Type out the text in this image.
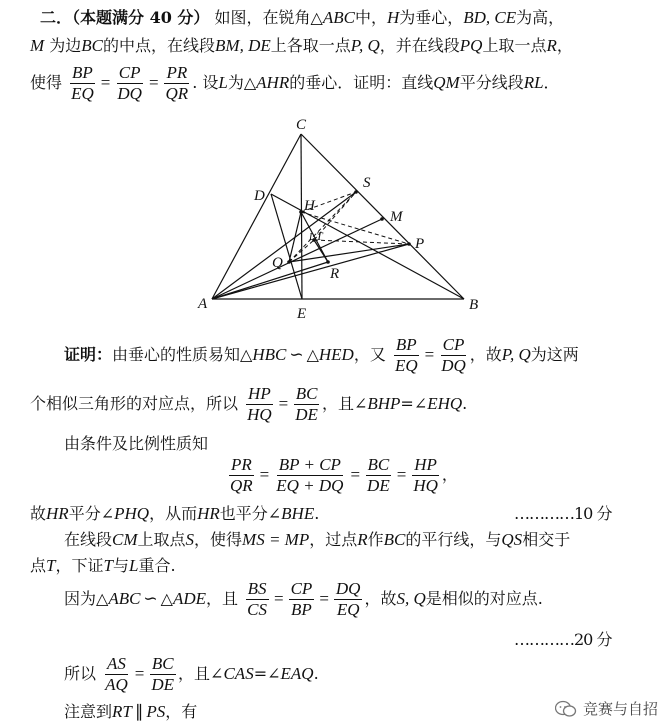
二．（本题满分 40 分） 如图，在锐角△ABC中，H为垂心，BD, CE为高，
M 为边BC的中点，在线段BM, DE上各取一点P, Q，并在线段PQ上取一点R，
使得 $\frac{BP}{EQ} = \frac{CP}{DQ} = \frac{PR}{QR}$ . 设L为△AHR的垂心．证明：直线QM平分线段RL．
C
S
D
H
M
T
L	P
Q
R
A
E
B
证明：由垂心的性质易知△HBC ∽ △HED，又 $\frac{BP}{EQ} = \frac{CP}{DQ}$ ，故P, Q为这两
个相似三角形的对应点，所以 $\frac{HP}{HQ} = \frac{BC}{DE}$ ，且∠BHP=∠EHQ.
由条件及比例性质知
$\frac{PR}{QR} = \frac{BP + CP}{EQ + DQ} = \frac{BC}{DE} = \frac{HP}{HQ}$ ，
故HR平分∠PHQ，从而HR也平分∠BHE.	…………10 分
在线段CM上取点S，使得MS = MP，过点R作BC的平行线，与QS相交于
点T，下证T与L重合.
因为△ABC ∽ △ADE，且 $\frac{BS}{CS} = \frac{CP}{BP} = \frac{DQ}{EQ}$ ，故S, Q是相似的对应点.
…………20 分
所以 $\frac{AS}{AQ} = \frac{BC}{DE}$ ，且∠CAS=∠EAQ.
注意到RT ∥ PS，有	竞赛与自招
